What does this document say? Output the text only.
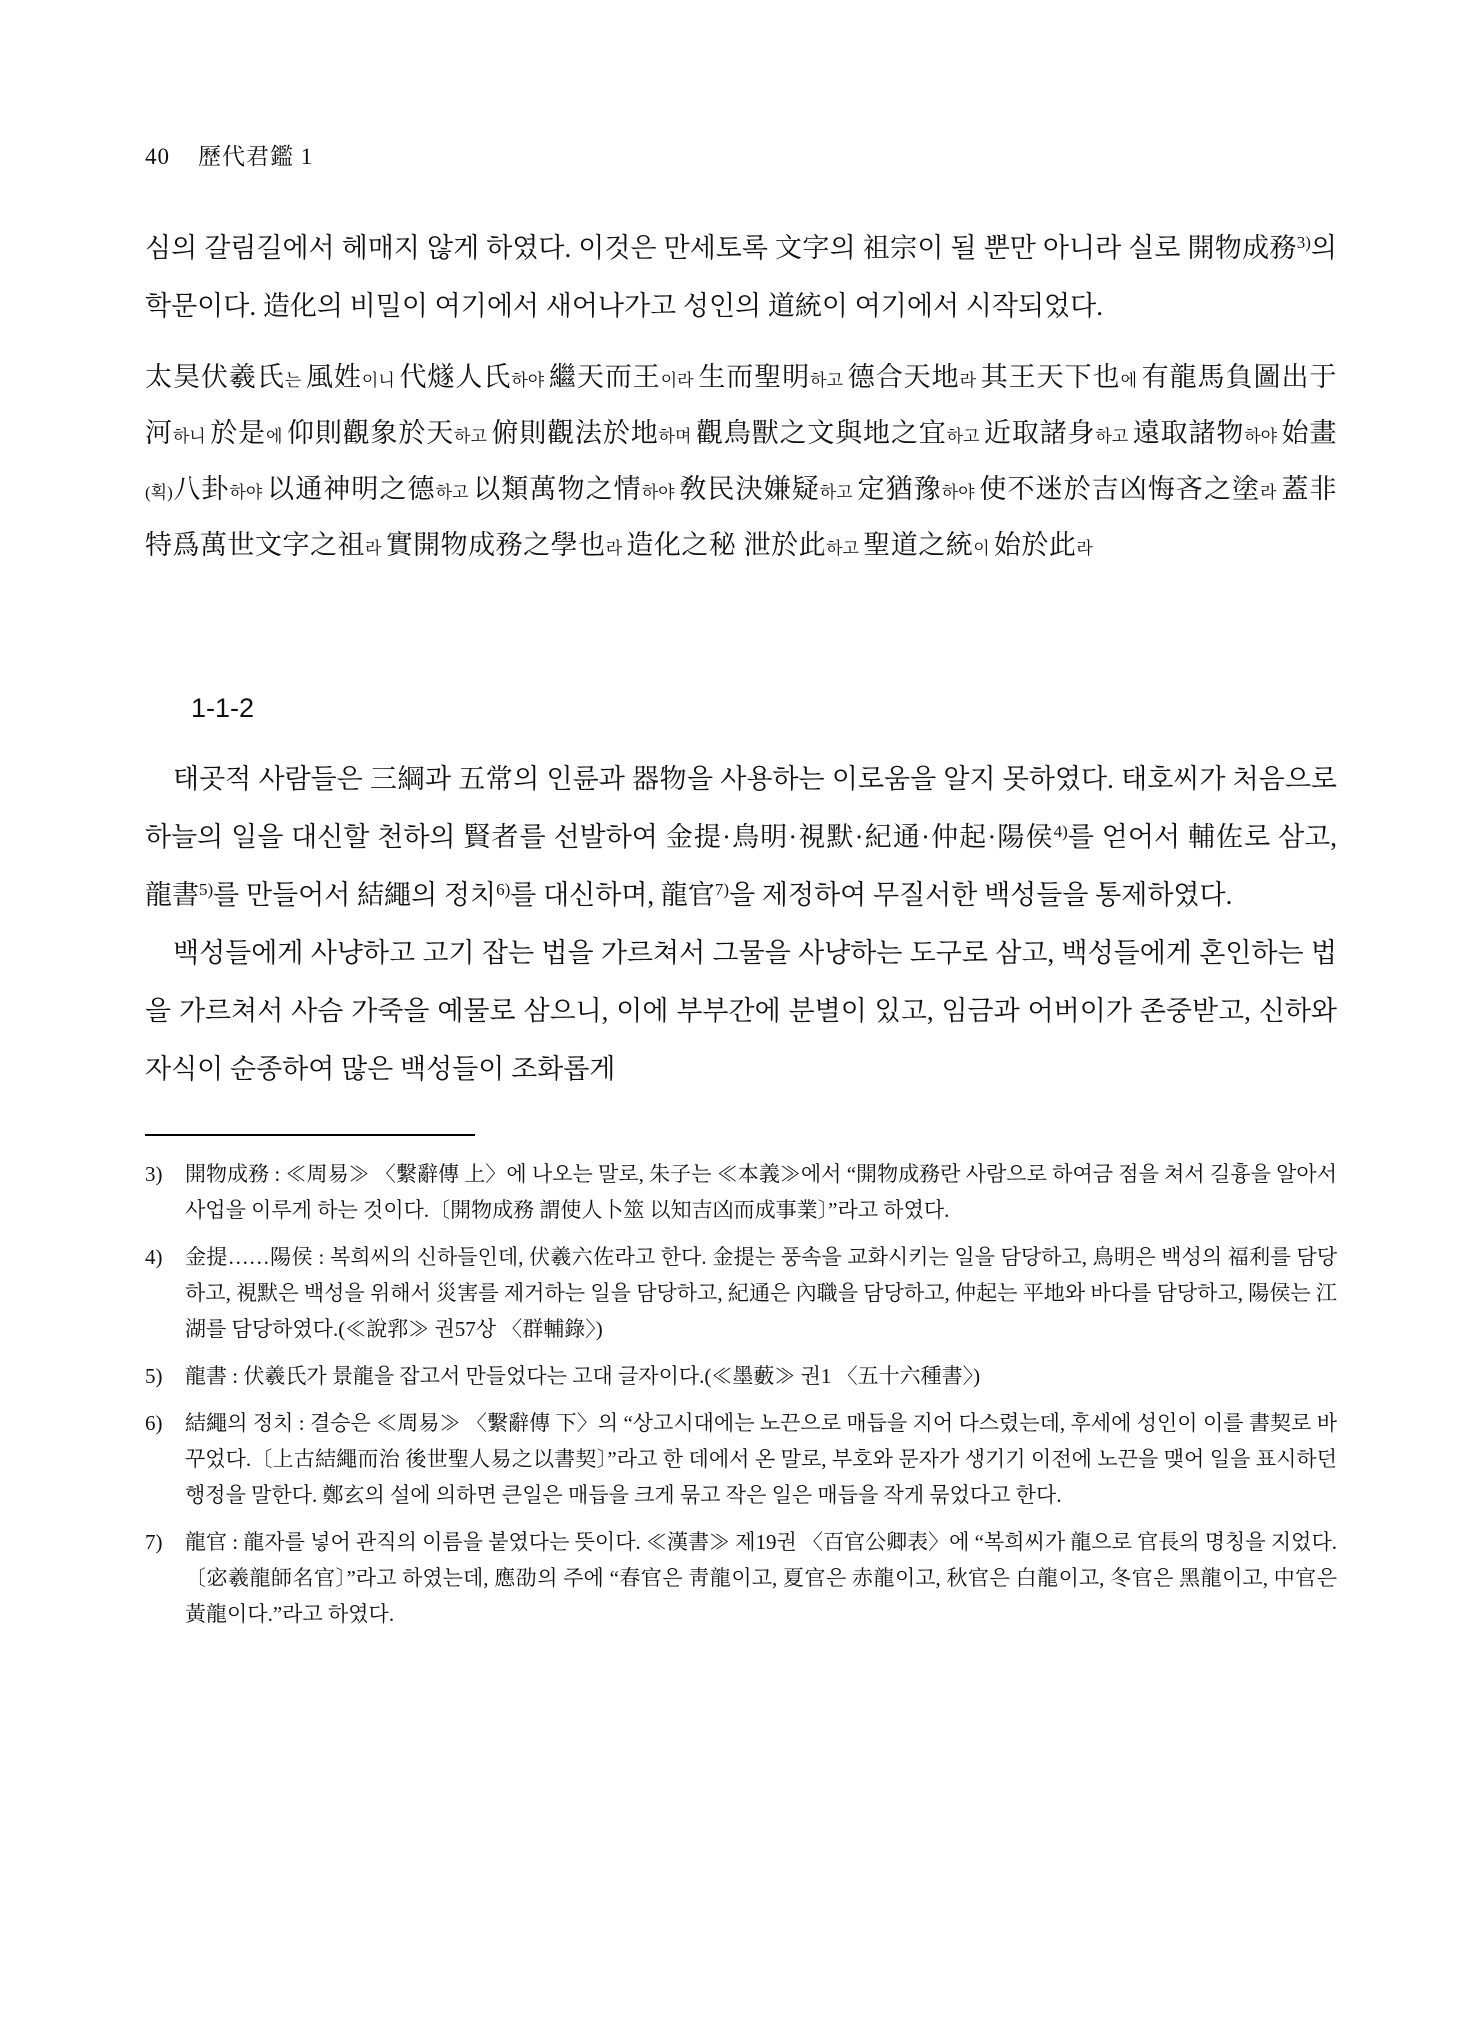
40 歷代君鑑 1

심의 갈림길에서 헤매지 않게 하였다. 이것은 만세토록 文字의 祖宗이 될 뿐만 아니라 실로 開物成務$^{3)}$의 학문이다. 造化의 비밀이 여기에서 새어나가고 성인의 道統이 여기에서 시작되었다.

太昊伏羲氏는 風姓이니 代燧人氏하야 繼天而王이라 生而聖明하고 德合天地라 其王天下也에 有龍馬負圖出于河하니 於是에 仰則觀象於天하고 俯則觀法於地하며 觀鳥獸之文與地之宜하고 近取諸身하고 遠取諸物하야 始畫(획)八卦하야 以通神明之德하고 以類萬物之情하야 敎民決嫌疑하고 定猶豫하야 使不迷於吉凶悔吝之塗라 蓋非特爲萬世文字之祖라 實開物成務之學也라 造化之秘 泄於此하고 聖道之統이 始於此라
1-1-2

태곳적 사람들은 三綱과 五常의 인륜과 器物을 사용하는 이로움을 알지 못하였다. 태호씨가 처음으로 하늘의 일을 대신할 천하의 賢者를 선발하여 金提·鳥明·視默·紀通·仲起·陽侯$^{4)}$를 얻어서 輔佐로 삼고, 龍書$^{5)}$를 만들어서 結繩의 정치$^{6)}$를 대신하며, 龍官$^{7)}$을 제정하여 무질서한 백성들을 통제하였다.

백성들에게 사냥하고 고기 잡는 법을 가르쳐서 그물을 사냥하는 도구로 삼고, 백성들에게 혼인하는 법을 가르쳐서 사슴 가죽을 예물로 삼으니, 이에 부부간에 분별이 있고, 임금과 어버이가 존중받고, 신하와 자식이 순종하여 많은 백성들이 조화롭게

3)	開物成務 : ≪周易≫ 〈繫辭傳 上〉에 나오는 말로, 朱子는 ≪本義≫에서 “開物成務란 사람으로 하여금 점을 쳐서 길흉을 알아서 사업을 이루게 하는 것이다.〔開物成務 謂使人卜筮 以知吉凶而成事業〕”라고 하였다.
4)	金提……陽侯 : 복희씨의 신하들인데, 伏羲六佐라고 한다. 金提는 풍속을 교화시키는 일을 담당하고, 鳥明은 백성의 福利를 담당하고, 視默은 백성을 위해서 災害를 제거하는 일을 담당하고, 紀通은 內職을 담당하고, 仲起는 平地와 바다를 담당하고, 陽侯는 江湖를 담당하였다.(≪說郛≫ 권57상 〈群輔錄〉)
5)	龍書 : 伏羲氏가 景龍을 잡고서 만들었다는 고대 글자이다.(≪墨藪≫ 권1 〈五十六種書〉)
6)	結繩의 정치 : 결승은 ≪周易≫ 〈繫辭傳 下〉의 “상고시대에는 노끈으로 매듭을 지어 다스렸는데, 후세에 성인이 이를 書契로 바꾸었다.〔上古結繩而治 後世聖人易之以書契〕”라고 한 데에서 온 말로, 부호와 문자가 생기기 이전에 노끈을 맺어 일을 표시하던 행정을 말한다. 鄭玄의 설에 의하면 큰일은 매듭을 크게 묶고 작은 일은 매듭을 작게 묶었다고 한다.
7)	龍官 : 龍자를 넣어 관직의 이름을 붙였다는 뜻이다. ≪漢書≫ 제19권 〈百官公卿表〉에 “복희씨가 龍으로 官長의 명칭을 지었다.〔宓羲龍師名官〕”라고 하였는데, 應劭의 주에 “春官은 靑龍이고, 夏官은 赤龍이고, 秋官은 白龍이고, 冬官은 黑龍이고, 中官은 黃龍이다.”라고 하였다.
